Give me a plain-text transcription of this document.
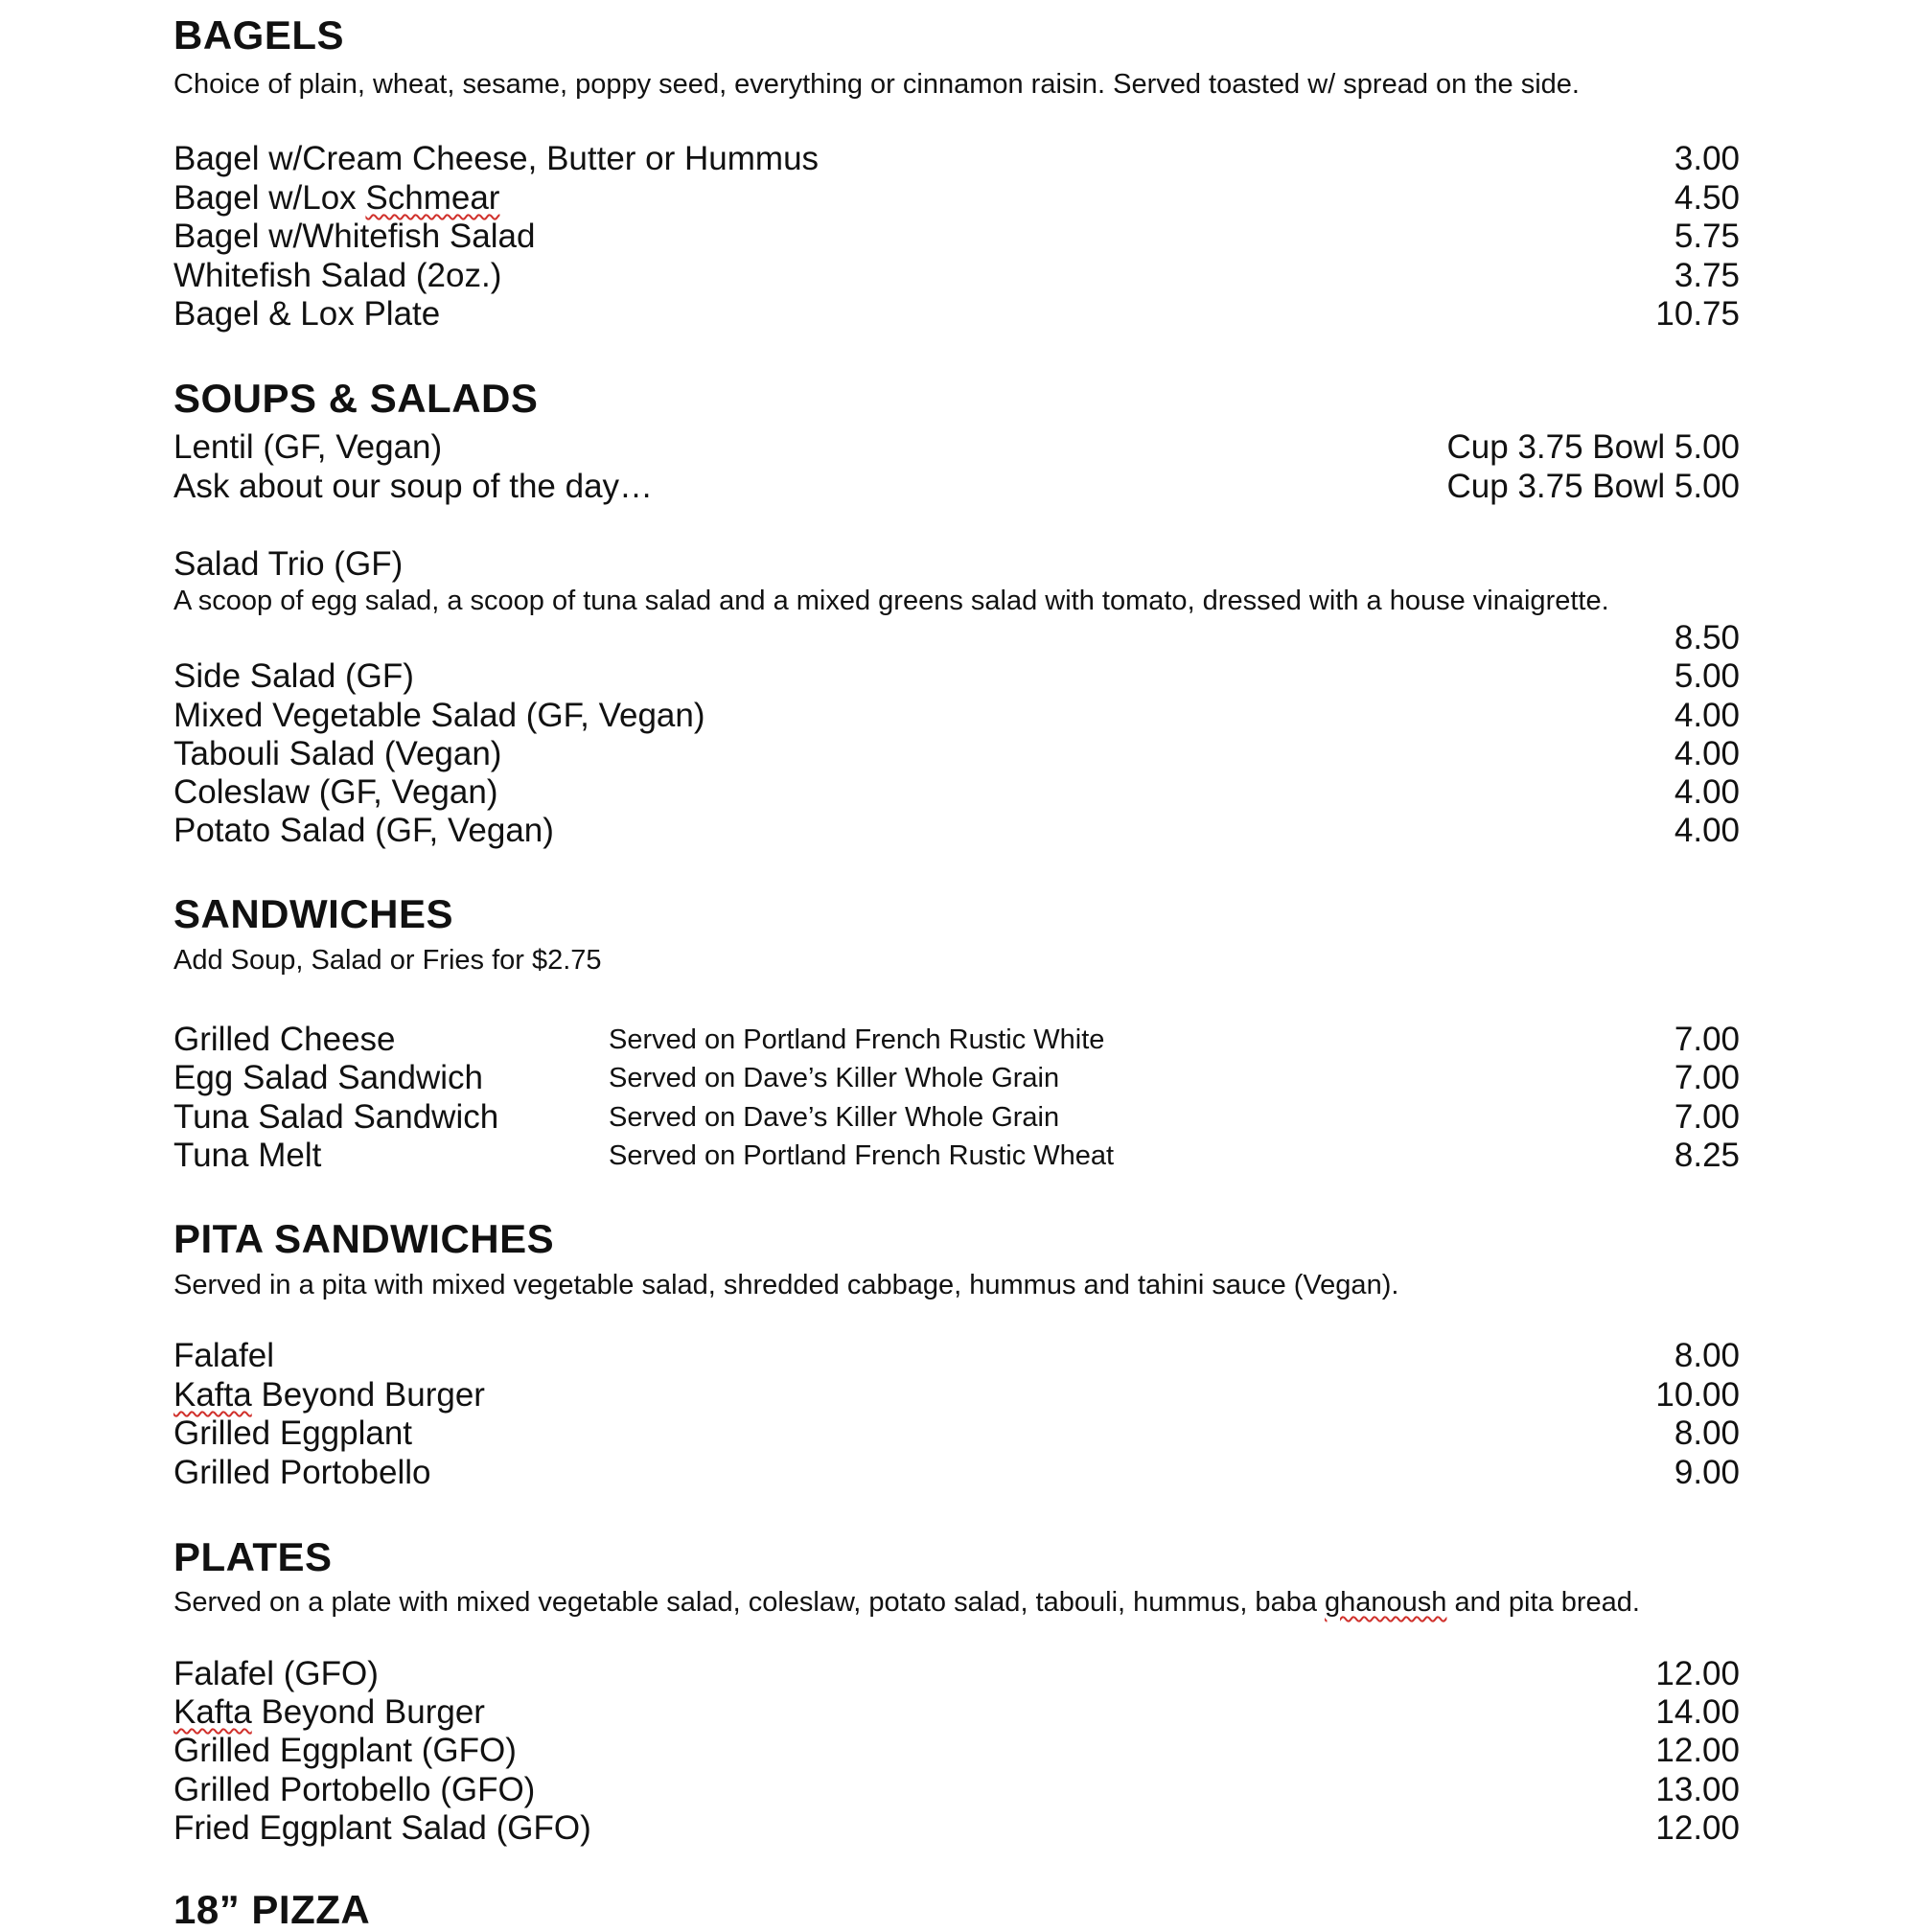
BAGELS
Choice of plain, wheat, sesame, poppy seed, everything or cinnamon raisin. Served toasted w/ spread on the side.
Bagel w/Cream Cheese, Butter or Hummus	3.00
Bagel w/Lox Schmear	4.50
Bagel w/Whitefish Salad	5.75
Whitefish Salad (2oz.)	3.75
Bagel & Lox Plate	10.75
SOUPS & SALADS
Lentil (GF, Vegan)	Cup 3.75 Bowl 5.00
Ask about our soup of the day…	Cup 3.75 Bowl 5.00
Salad Trio (GF)
A scoop of egg salad, a scoop of tuna salad and a mixed greens salad with tomato, dressed with a house vinaigrette.
8.50
Side Salad (GF)	5.00
Mixed Vegetable Salad (GF, Vegan)	4.00
Tabouli Salad (Vegan)	4.00
Coleslaw (GF, Vegan)	4.00
Potato Salad (GF, Vegan)	4.00
SANDWICHES
Add Soup, Salad or Fries for $2.75
Grilled Cheese	Served on Portland French Rustic White	7.00
Egg Salad Sandwich	Served on Dave’s Killer Whole Grain	7.00
Tuna Salad Sandwich	Served on Dave’s Killer Whole Grain	7.00
Tuna Melt	Served on Portland French Rustic Wheat	8.25
PITA SANDWICHES
Served in a pita with mixed vegetable salad, shredded cabbage, hummus and tahini sauce (Vegan).
Falafel	8.00
Kafta Beyond Burger	10.00
Grilled Eggplant	8.00
Grilled Portobello	9.00
PLATES
Served on a plate with mixed vegetable salad, coleslaw, potato salad, tabouli, hummus, baba ghanoush and pita bread.
Falafel (GFO)	12.00
Kafta Beyond Burger	14.00
Grilled Eggplant (GFO)	12.00
Grilled Portobello (GFO)	13.00
Fried Eggplant Salad (GFO)	12.00
18” PIZZA
